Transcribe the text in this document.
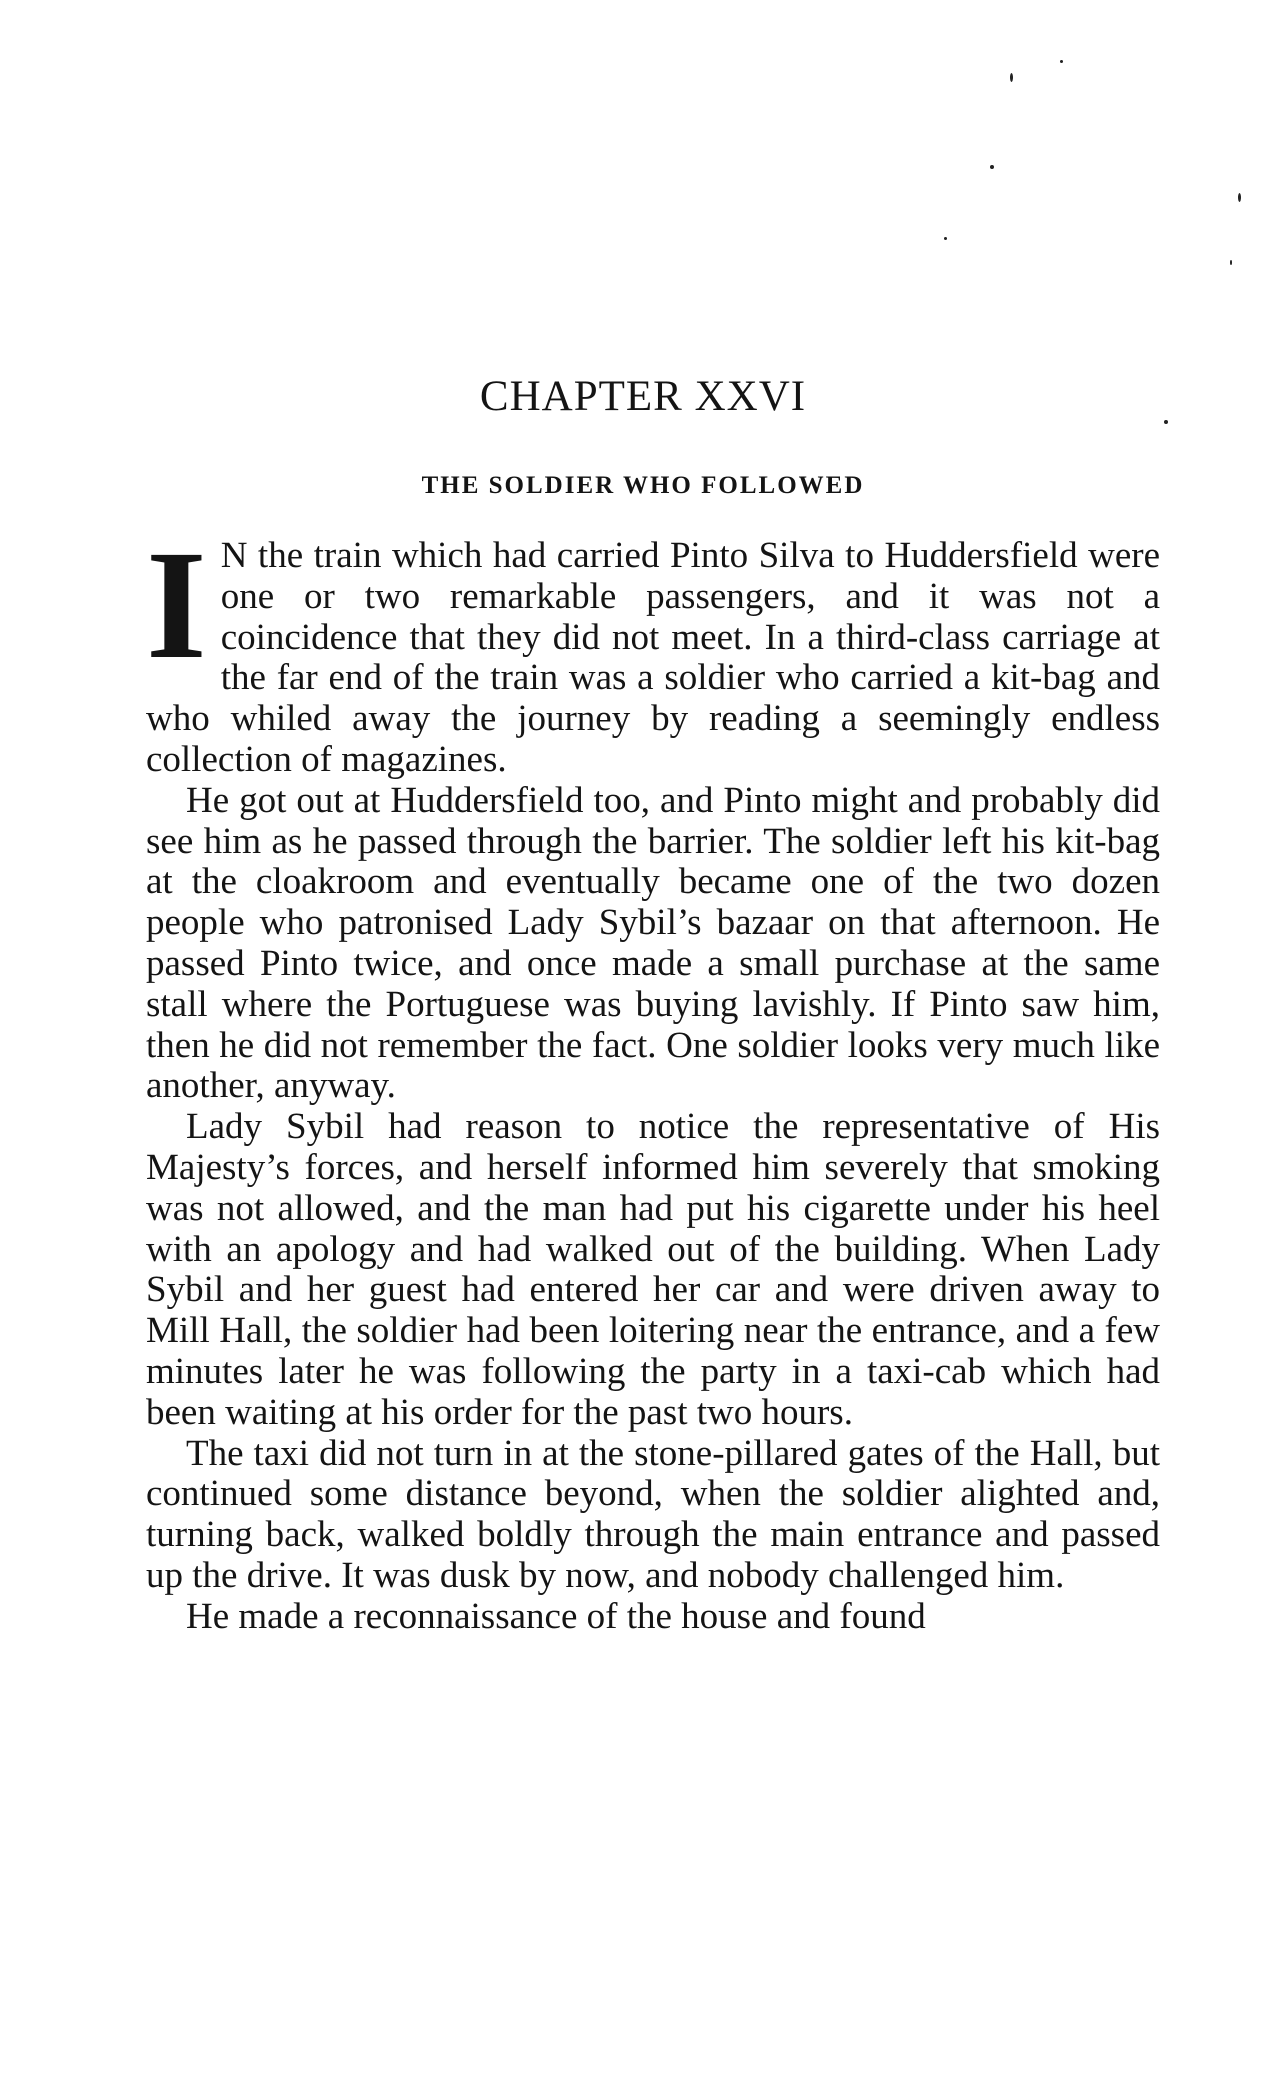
CHAPTER XXVI
THE SOLDIER WHO FOLLOWED

I N the train which had carried Pinto Silva to Huddersfield were one or two remarkable passengers, and it was not a coincidence that they did not meet. In a third-class carriage at the far end of the train was a soldier who carried a kit-bag and who whiled away the journey by reading a seemingly endless collection of magazines.

He got out at Huddersfield too, and Pinto might and probably did see him as he passed through the barrier. The soldier left his kit-bag at the cloakroom and eventually became one of the two dozen people who patronised Lady Sybil’s bazaar on that afternoon. He passed Pinto twice, and once made a small purchase at the same stall where the Portuguese was buying lavishly. If Pinto saw him, then he did not remember the fact. One soldier looks very much like another, anyway.

Lady Sybil had reason to notice the representative of His Majesty’s forces, and herself informed him severely that smoking was not allowed, and the man had put his cigarette under his heel with an apology and had walked out of the building. When Lady Sybil and her guest had entered her car and were driven away to Mill Hall, the soldier had been loitering near the entrance, and a few minutes later he was following the party in a taxi-cab which had been waiting at his order for the past two hours.

The taxi did not turn in at the stone-pillared gates of the Hall, but continued some distance beyond, when the soldier alighted and, turning back, walked boldly through the main entrance and passed up the drive. It was dusk by now, and nobody challenged him.

He made a reconnaissance of the house and found
